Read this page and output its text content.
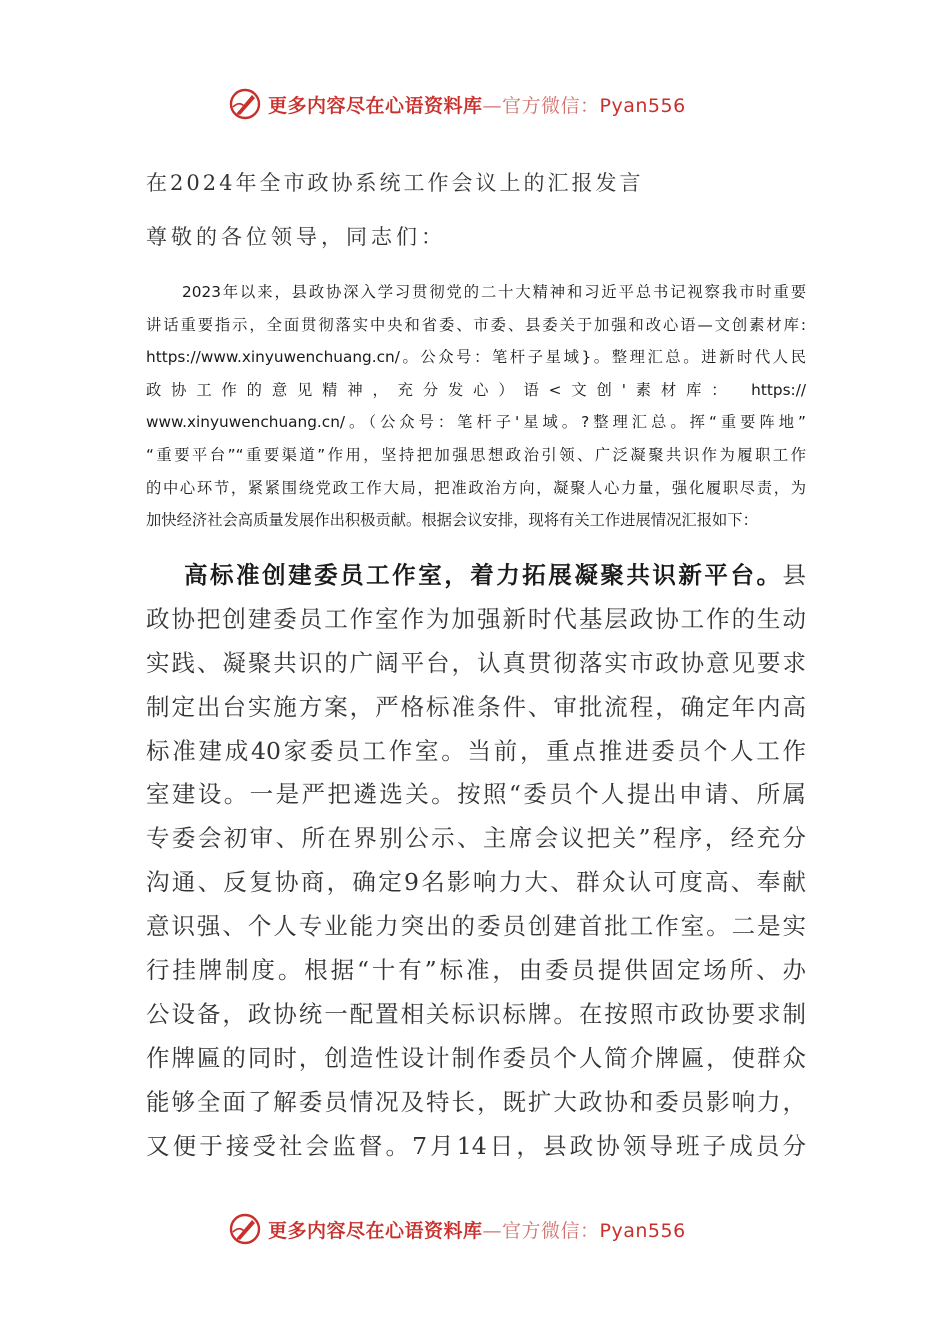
更多内容尽在心语资料库—官方微信：Pyan556
在2024年全市政协系统工作会议上的汇报发言
尊敬的各位领导，同志们：
2023年以来，县政协深入学习贯彻党的二十大精神和习近平总书记视察我市时重要
讲话重要指示，全面贯彻落实中央和省委、市委、县委关于加强和改心语—文创素材库:
https://www.xinyuwenchuang.cn/。公众号：笔杆子星域}。整理汇总。进新时代人民
政协工作的意见精神，充分发心）语<文创'素材库： https://
www.xinyuwenchuang.cn/。（公众号：笔杆子'星域。?整理汇总。挥“重要阵地”
“重要平台”“重要渠道”作用，坚持把加强思想政治引领、广泛凝聚共识作为履职工作
的中心环节，紧紧围绕党政工作大局，把准政治方向，凝聚人心力量，强化履职尽责，为
加快经济社会高质量发展作出积极贡献。根据会议安排，现将有关工作进展情况汇报如下：
高标准创建委员工作室，着力拓展凝聚共识新平台。县
政协把创建委员工作室作为加强新时代基层政协工作的生动
实践、凝聚共识的广阔平台，认真贯彻落实市政协意见要求
制定出台实施方案，严格标准条件、审批流程，确定年内高
标准建成40家委员工作室。当前，重点推进委员个人工作
室建设。一是严把遴选关。按照“委员个人提出申请、所属
专委会初审、所在界别公示、主席会议把关”程序，经充分
沟通、反复协商，确定9名影响力大、群众认可度高、奉献
意识强、个人专业能力突出的委员创建首批工作室。二是实
行挂牌制度。根据“十有”标准，由委员提供固定场所、办
公设备，政协统一配置相关标识标牌。在按照市政协要求制
作牌匾的同时，创造性设计制作委员个人简介牌匾，使群众
能够全面了解委员情况及特长，既扩大政协和委员影响力，
又便于接受社会监督。7月14日，县政协领导班子成员分
更多内容尽在心语资料库—官方微信：Pyan556
